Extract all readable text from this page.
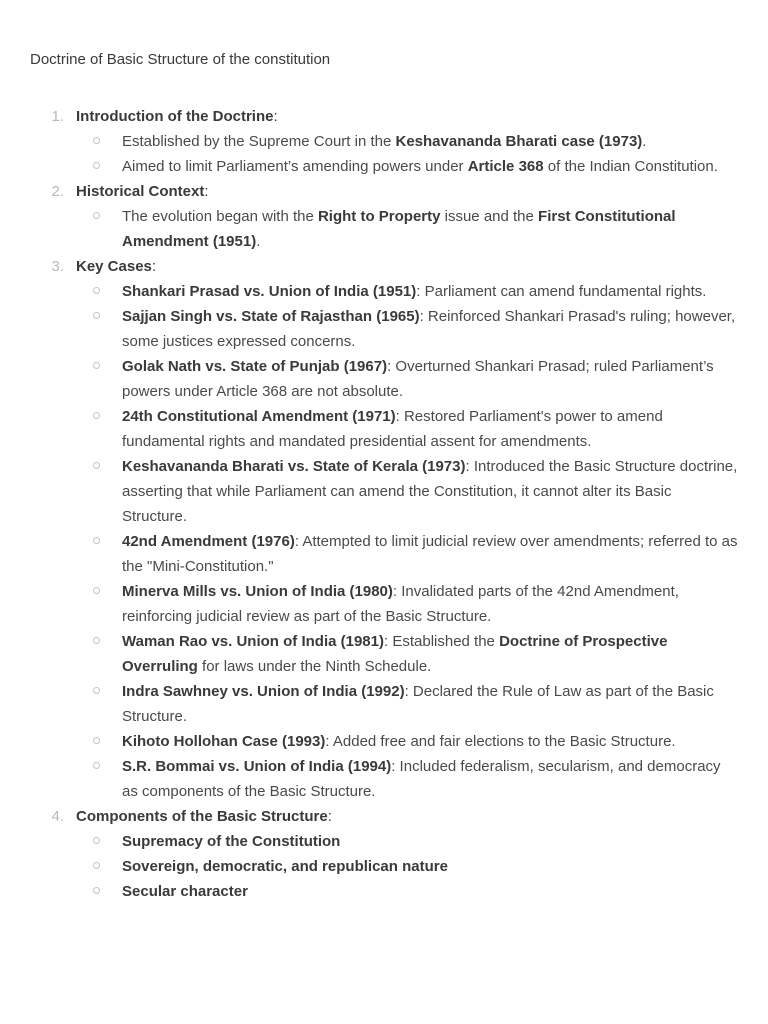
Doctrine of Basic Structure of the constitution
1. Introduction of the Doctrine:
Established by the Supreme Court in the Keshavananda Bharati case (1973).
Aimed to limit Parliament’s amending powers under Article 368 of the Indian Constitution.
2. Historical Context:
The evolution began with the Right to Property issue and the First Constitutional Amendment (1951).
3. Key Cases:
Shankari Prasad vs. Union of India (1951): Parliament can amend fundamental rights.
Sajjan Singh vs. State of Rajasthan (1965): Reinforced Shankari Prasad's ruling; however, some justices expressed concerns.
Golak Nath vs. State of Punjab (1967): Overturned Shankari Prasad; ruled Parliament’s powers under Article 368 are not absolute.
24th Constitutional Amendment (1971): Restored Parliament's power to amend fundamental rights and mandated presidential assent for amendments.
Keshavananda Bharati vs. State of Kerala (1973): Introduced the Basic Structure doctrine, asserting that while Parliament can amend the Constitution, it cannot alter its Basic Structure.
42nd Amendment (1976): Attempted to limit judicial review over amendments; referred to as the "Mini-Constitution."
Minerva Mills vs. Union of India (1980): Invalidated parts of the 42nd Amendment, reinforcing judicial review as part of the Basic Structure.
Waman Rao vs. Union of India (1981): Established the Doctrine of Prospective Overruling for laws under the Ninth Schedule.
Indra Sawhney vs. Union of India (1992): Declared the Rule of Law as part of the Basic Structure.
Kihoto Hollohan Case (1993): Added free and fair elections to the Basic Structure.
S.R. Bommai vs. Union of India (1994): Included federalism, secularism, and democracy as components of the Basic Structure.
4. Components of the Basic Structure:
Supremacy of the Constitution
Sovereign, democratic, and republican nature
Secular character
